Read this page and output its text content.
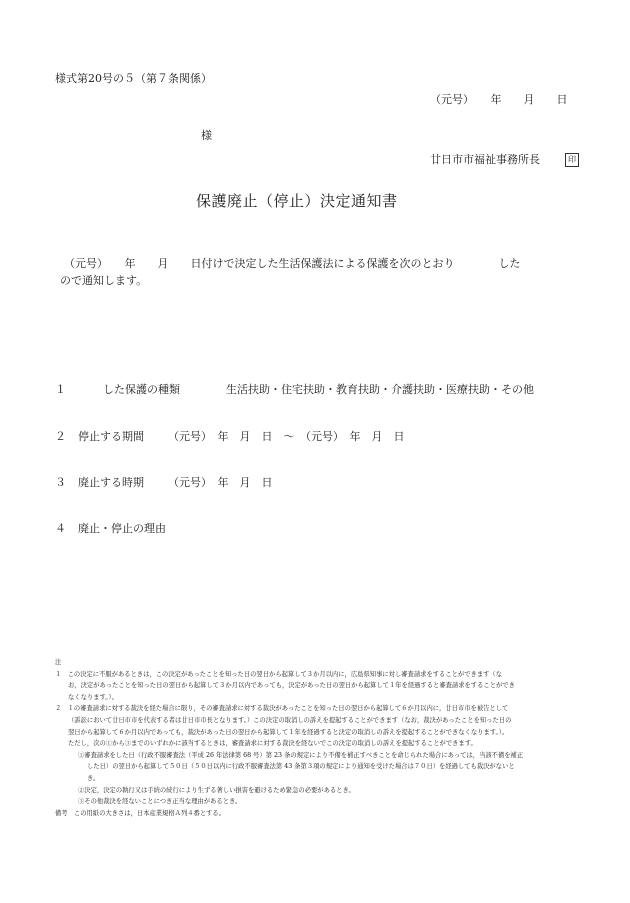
様式第20号の５（第７条関係）
（元号）　　年　　月　　日
様
廿日市市福祉事務所長	印
保護廃止（停止）決定通知書
（元号）　　年　　月　　日付けで決定した生活保護法による保護を次のとおり　　　　した
ので通知します。
１	した保護の種類	生活扶助・住宅扶助・教育扶助・介護扶助・医療扶助・その他
２ 停止する期間 （元号）　年　月　日　～　（元号）　年　月　日
３ 廃止する時期 （元号）　年　月　日
４ 廃止・停止の理由
注
１　この決定に不服があるときは，この決定があったことを知った日の翌日から起算して３か月以内に，広島県知事に対し審査請求をすることができます（な
お，決定があったことを知った日の翌日から起算して３か月以内であっても，決定があった日の翌日から起算して１年を経過すると審査請求をすることができ
なくなります。）。
２　１の審査請求に対する裁決を経た場合に限り，その審査請求に対する裁決があったことを知った日の翌日から起算して６か月以内に，廿日市市を被告として
（訴訟において廿日市市を代表する者は廿日市市長となります。）この決定の取消しの訴えを提起することができます（なお，裁決があったことを知った日の
翌日から起算して６か月以内であっても，裁決があった日の翌日から起算して１年を経過すると決定の取消しの訴えを提起することができなくなります。）。
ただし，次の①から③までのいずれかに該当するときは，審査請求に対する裁決を経ないでこの決定の取消しの訴えを提起することができます。
①審査請求をした日（行政不服審査法（平成 26 年法律第 68 号）第 23 条の規定により不備を補正すべきことを命じられた場合にあっては，当該不備を補正
した日）の翌日から起算して５０日（５０日以内に行政不服審査法第 43 条第３項の規定により通知を受けた場合は７０日）を経過しても裁決がないと
き。
②決定，決定の執行又は手続の続行により生ずる著しい損害を避けるため緊急の必要があるとき。
③その他裁決を経ないことにつき正当な理由があるとき。
備考　この用紙の大きさは，日本産業規格Ａ列４番とする。
